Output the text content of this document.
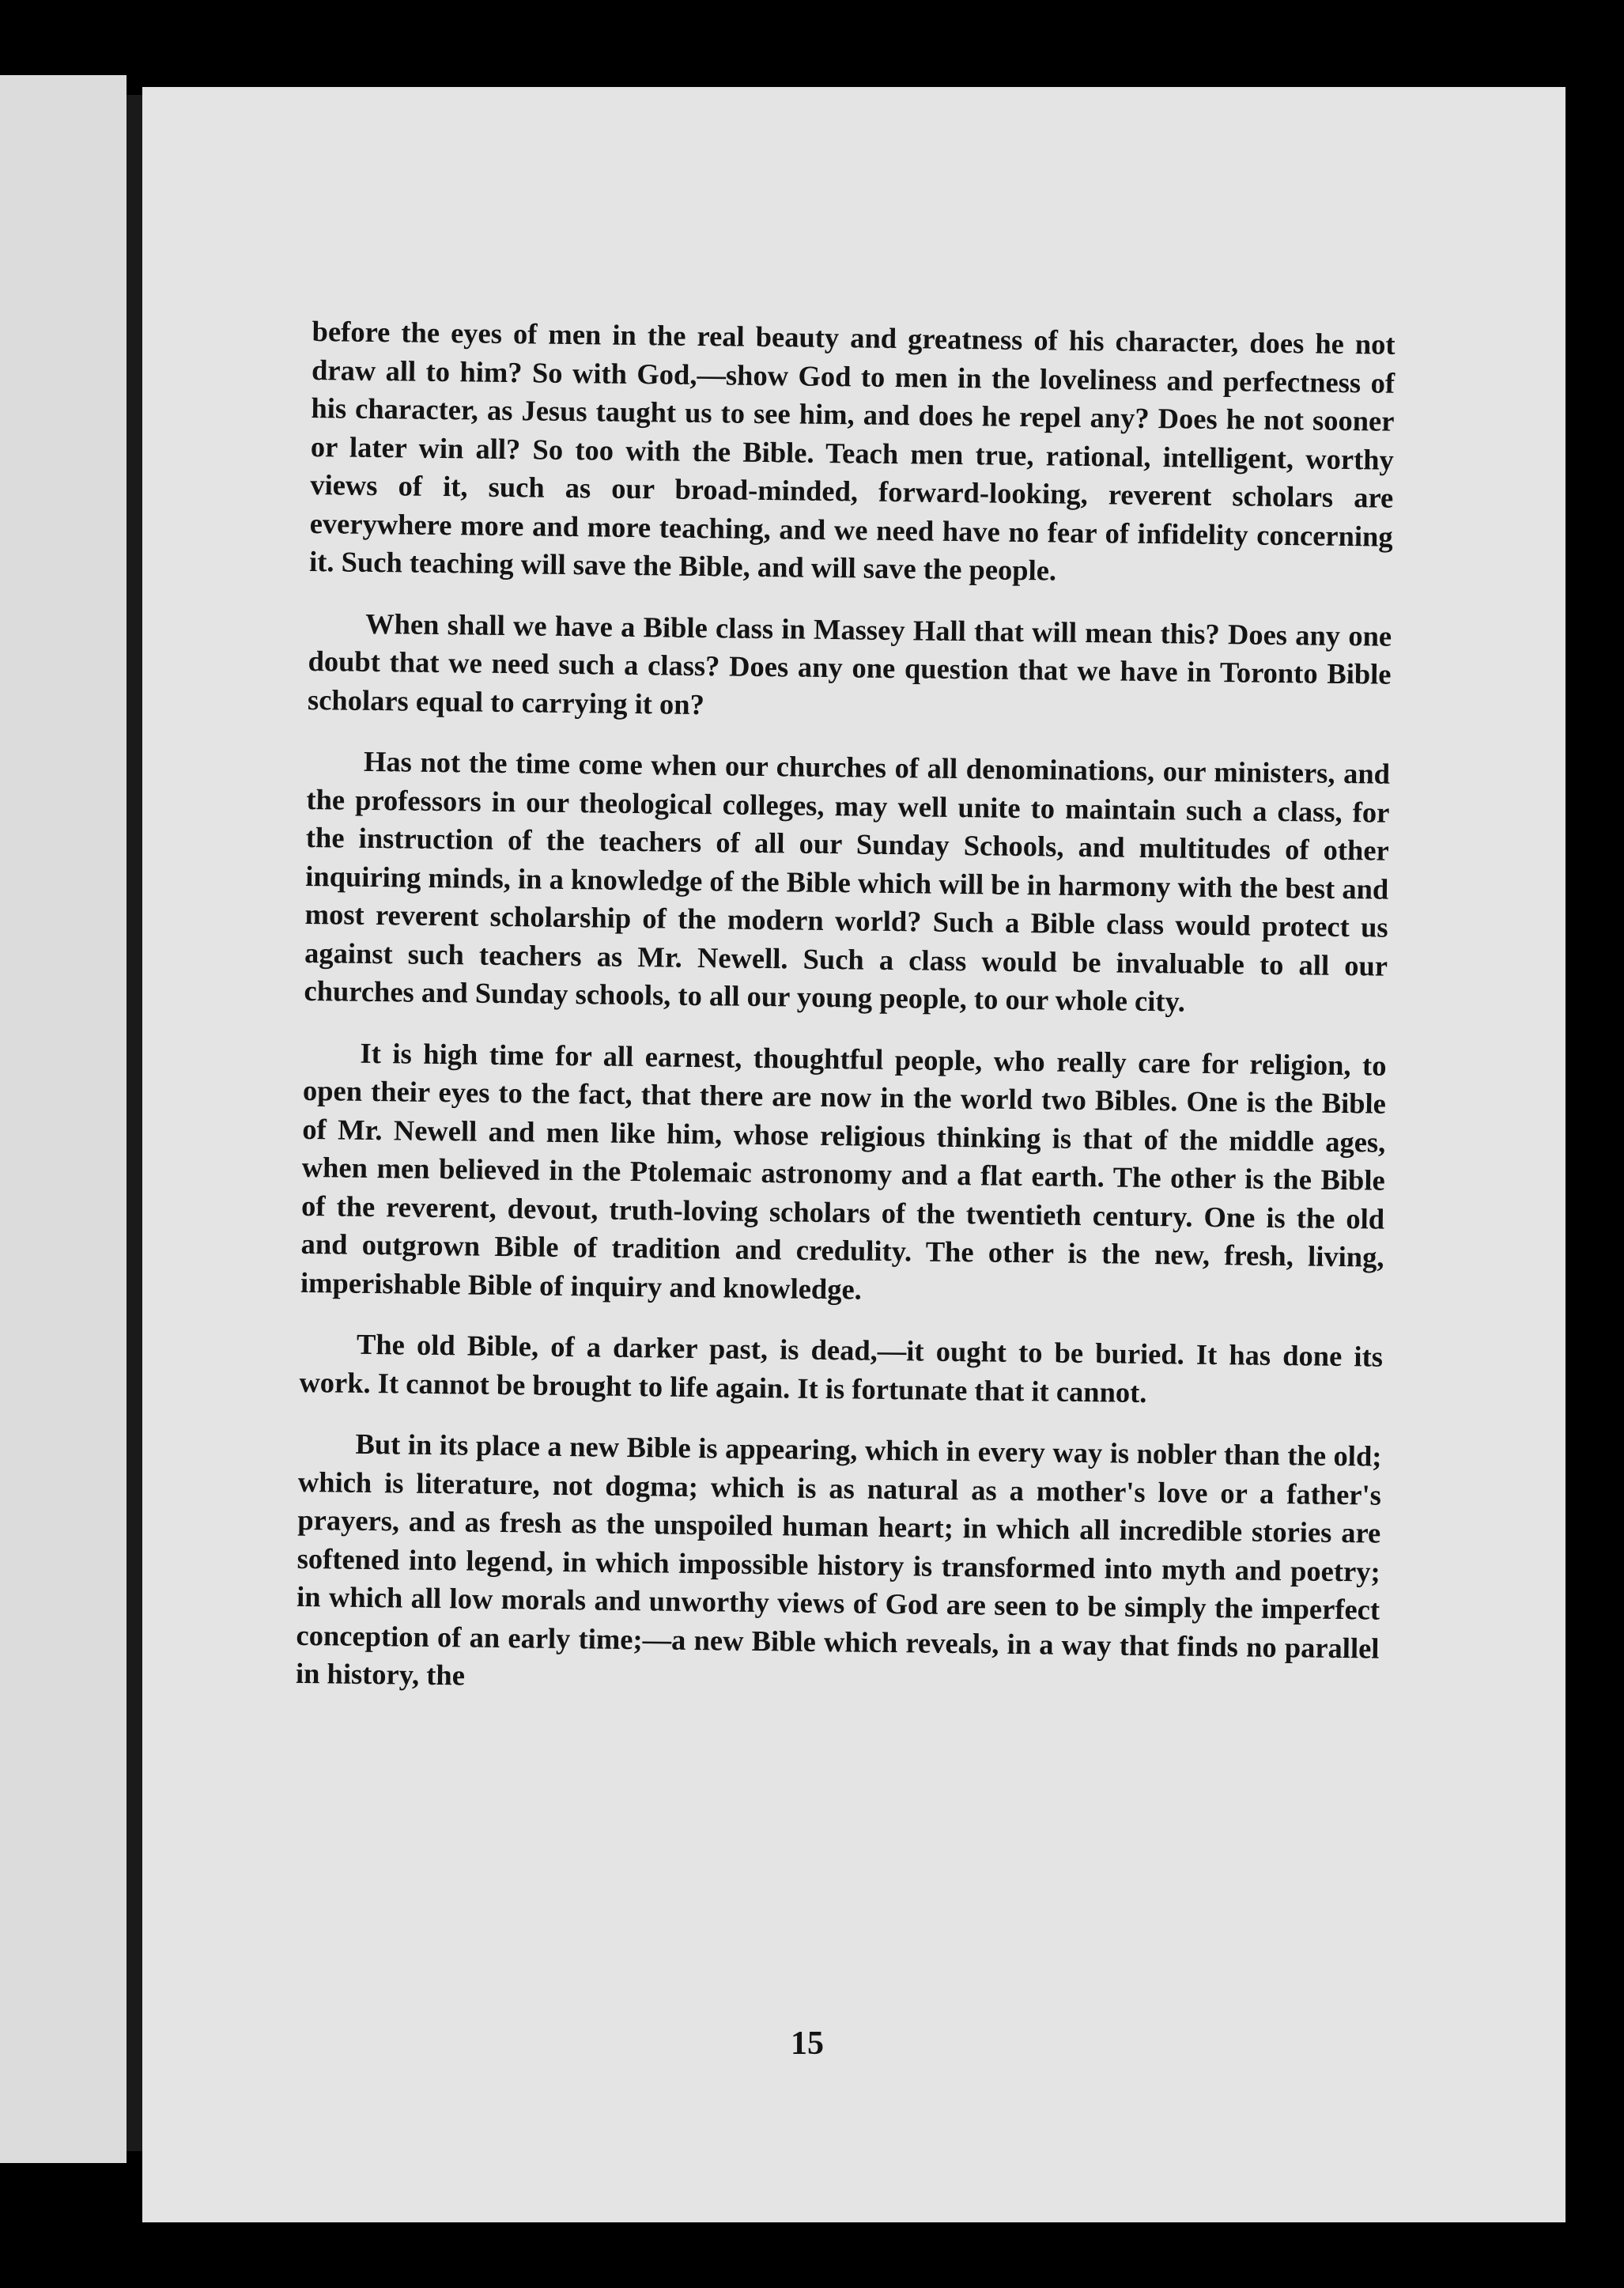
before the eyes of men in the real beauty and greatness of his character, does he not draw all to him? So with God,—show God to men in the loveliness and perfectness of his character, as Jesus taught us to see him, and does he repel any? Does he not sooner or later win all? So too with the Bible. Teach men true, rational, intelligent, worthy views of it, such as our broad-minded, forward-looking, reverent scholars are everywhere more and more teaching, and we need have no fear of infidelity concerning it. Such teaching will save the Bible, and will save the people.

When shall we have a Bible class in Massey Hall that will mean this? Does any one doubt that we need such a class? Does any one question that we have in Toronto Bible scholars equal to carrying it on?

Has not the time come when our churches of all denominations, our ministers, and the professors in our theological colleges, may well unite to maintain such a class, for the instruction of the teachers of all our Sunday Schools, and multitudes of other inquiring minds, in a knowledge of the Bible which will be in harmony with the best and most reverent scholarship of the modern world? Such a Bible class would protect us against such teachers as Mr. Newell. Such a class would be invaluable to all our churches and Sunday schools, to all our young people, to our whole city.

It is high time for all earnest, thoughtful people, who really care for religion, to open their eyes to the fact, that there are now in the world two Bibles. One is the Bible of Mr. Newell and men like him, whose religious thinking is that of the middle ages, when men believed in the Ptolemaic astronomy and a flat earth. The other is the Bible of the reverent, devout, truth-loving scholars of the twentieth century. One is the old and outgrown Bible of tradition and credulity. The other is the new, fresh, living, imperishable Bible of inquiry and knowledge.

The old Bible, of a darker past, is dead,—it ought to be buried. It has done its work. It cannot be brought to life again. It is fortunate that it cannot.

But in its place a new Bible is appearing, which in every way is nobler than the old; which is literature, not dogma; which is as natural as a mother's love or a father's prayers, and as fresh as the unspoiled human heart; in which all incredible stories are softened into legend, in which impossible history is transformed into myth and poetry; in which all low morals and unworthy views of God are seen to be simply the imperfect conception of an early time;—a new Bible which reveals, in a way that finds no parallel in history, the

15
